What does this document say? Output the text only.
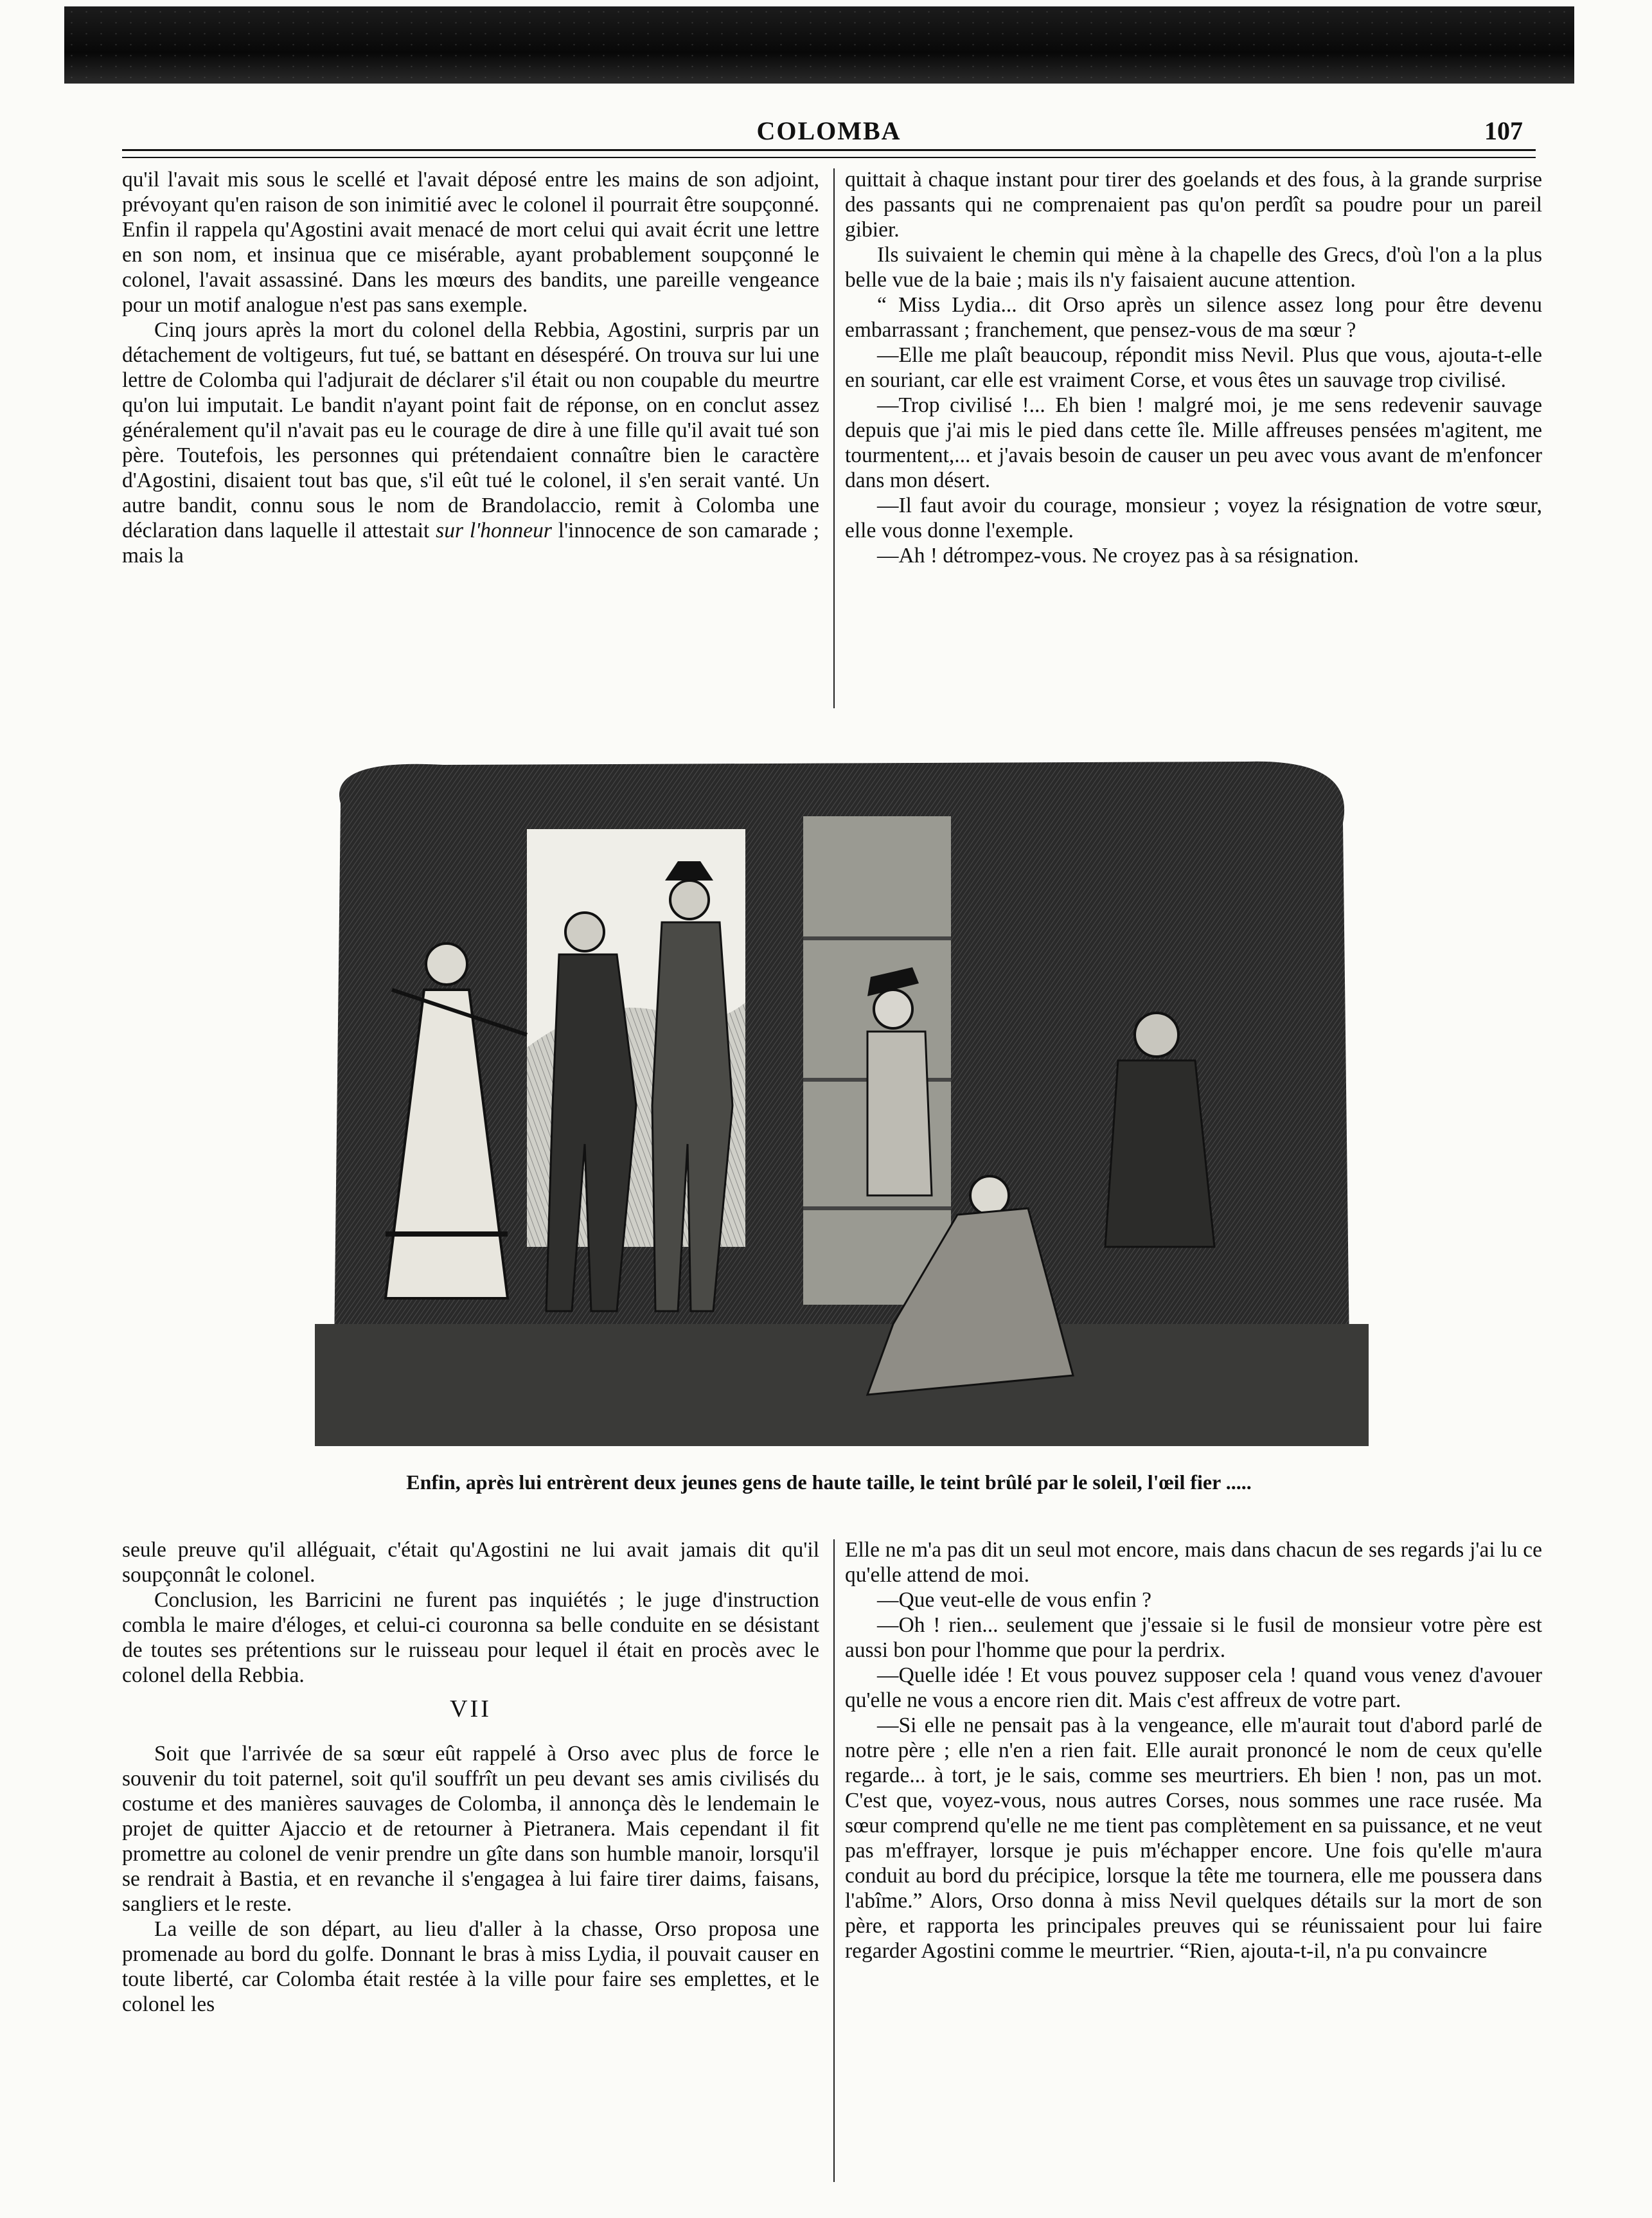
COLOMBA	107

qu'il l'avait mis sous le scellé et l'avait déposé entre les mains de son adjoint, prévoyant qu'en raison de son inimitié avec le colonel il pourrait être soupçonné. Enfin il rappela qu'Agostini avait menacé de mort celui qui avait écrit une lettre en son nom, et insinua que ce misérable, ayant probablement soupçonné le colonel, l'avait assassiné. Dans les mœurs des bandits, une pareille vengeance pour un motif analogue n'est pas sans exemple.

Cinq jours après la mort du colonel della Rebbia, Agostini, surpris par un détachement de voltigeurs, fut tué, se battant en désespéré. On trouva sur lui une lettre de Colomba qui l'adjurait de déclarer s'il était ou non coupable du meurtre qu'on lui imputait. Le bandit n'ayant point fait de réponse, on en conclut assez généralement qu'il n'avait pas eu le courage de dire à une fille qu'il avait tué son père. Toutefois, les personnes qui prétendaient connaître bien le caractère d'Agostini, disaient tout bas que, s'il eût tué le colonel, il s'en serait vanté. Un autre bandit, connu sous le nom de Brandolaccio, remit à Colomba une déclaration dans laquelle il attestait sur l'honneur l'innocence de son camarade ; mais la

quittait à chaque instant pour tirer des goelands et des fous, à la grande surprise des passants qui ne comprenaient pas qu'on perdît sa poudre pour un pareil gibier.

Ils suivaient le chemin qui mène à la chapelle des Grecs, d'où l'on a la plus belle vue de la baie ; mais ils n'y faisaient aucune attention.

“ Miss Lydia... dit Orso après un silence assez long pour être devenu embarrassant ; franchement, que pensez-vous de ma sœur ?

—Elle me plaît beaucoup, répondit miss Nevil. Plus que vous, ajouta-t-elle en souriant, car elle est vraiment Corse, et vous êtes un sauvage trop civilisé.

—Trop civilisé !... Eh bien ! malgré moi, je me sens redevenir sauvage depuis que j'ai mis le pied dans cette île. Mille affreuses pensées m'agitent, me tourmentent,... et j'avais besoin de causer un peu avec vous avant de m'enfoncer dans mon désert.

—Il faut avoir du courage, monsieur ; voyez la résignation de votre sœur, elle vous donne l'exemple.

—Ah ! détrompez-vous. Ne croyez pas à sa résignation.

Enfin, après lui entrèrent deux jeunes gens de haute taille, le teint brûlé par le soleil, l'œil fier .....

seule preuve qu'il alléguait, c'était qu'Agostini ne lui avait jamais dit qu'il soupçonnât le colonel.

Conclusion, les Barricini ne furent pas inquiétés ; le juge d'instruction combla le maire d'éloges, et celui-ci couronna sa belle conduite en se désistant de toutes ses prétentions sur le ruisseau pour lequel il était en procès avec le colonel della Rebbia.

VII

Soit que l'arrivée de sa sœur eût rappelé à Orso avec plus de force le souvenir du toit paternel, soit qu'il souffrît un peu devant ses amis civilisés du costume et des manières sauvages de Colomba, il annonça dès le lendemain le projet de quitter Ajaccio et de retourner à Pietranera. Mais cependant il fit promettre au colonel de venir prendre un gîte dans son humble manoir, lorsqu'il se rendrait à Bastia, et en revanche il s'engagea à lui faire tirer daims, faisans, sangliers et le reste.

La veille de son départ, au lieu d'aller à la chasse, Orso proposa une promenade au bord du golfe. Donnant le bras à miss Lydia, il pouvait causer en toute liberté, car Colomba était restée à la ville pour faire ses emplettes, et le colonel les

Elle ne m'a pas dit un seul mot encore, mais dans chacun de ses regards j'ai lu ce qu'elle attend de moi.

—Que veut-elle de vous enfin ?

—Oh ! rien... seulement que j'essaie si le fusil de monsieur votre père est aussi bon pour l'homme que pour la perdrix.

—Quelle idée ! Et vous pouvez supposer cela ! quand vous venez d'avouer qu'elle ne vous a encore rien dit. Mais c'est affreux de votre part.

—Si elle ne pensait pas à la vengeance, elle m'aurait tout d'abord parlé de notre père ; elle n'en a rien fait. Elle aurait prononcé le nom de ceux qu'elle regarde... à tort, je le sais, comme ses meurtriers. Eh bien ! non, pas un mot. C'est que, voyez-vous, nous autres Corses, nous sommes une race rusée. Ma sœur comprend qu'elle ne me tient pas complètement en sa puissance, et ne veut pas m'effrayer, lorsque je puis m'échapper encore. Une fois qu'elle m'aura conduit au bord du précipice, lorsque la tête me tournera, elle me poussera dans l'abîme.” Alors, Orso donna à miss Nevil quelques détails sur la mort de son père, et rapporta les principales preuves qui se réunissaient pour lui faire regarder Agostini comme le meurtrier. “Rien, ajouta-t-il, n'a pu convaincre
